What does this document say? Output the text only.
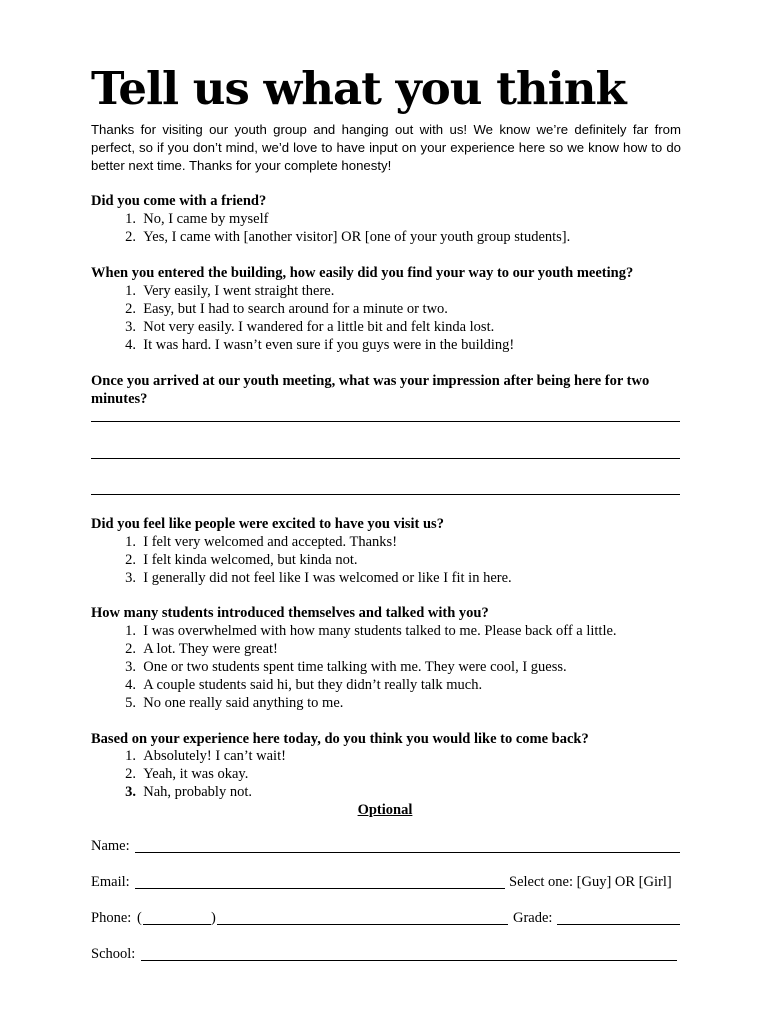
Tell us what you think

Thanks for visiting our youth group and hanging out with us! We know we’re definitely far from perfect, so if you don’t mind, we’d love to have input on your experience here so we know how to do better next time. Thanks for your complete honesty!

Did you come with a friend?

1. No, I came by myself
2. Yes, I came with [another visitor] OR [one of your youth group students].

When you entered the building, how easily did you find your way to our youth meeting?

1. Very easily, I went straight there.
2. Easy, but I had to search around for a minute or two.
3. Not very easily. I wandered for a little bit and felt kinda lost.
4. It was hard. I wasn’t even sure if you guys were in the building!

Once you arrived at our youth meeting, what was your impression after being here for two minutes?

Did you feel like people were excited to have you visit us?

1. I felt very welcomed and accepted. Thanks!
2. I felt kinda welcomed, but kinda not.
3. I generally did not feel like I was welcomed or like I fit in here.

How many students introduced themselves and talked with you?

1. I was overwhelmed with how many students talked to me. Please back off a little.
2. A lot. They were great!
3. One or two students spent time talking with me. They were cool, I guess.
4. A couple students said hi, but they didn’t really talk much.
5. No one really said anything to me.

Based on your experience here today, do you think you would like to come back?

1. Absolutely! I can’t wait!
2. Yeah, it was okay.
3. Nah, probably not.

Optional

Name:
Email:	Select one: [Guy] OR [Girl]
Phone: (	)	Grade:
School:
